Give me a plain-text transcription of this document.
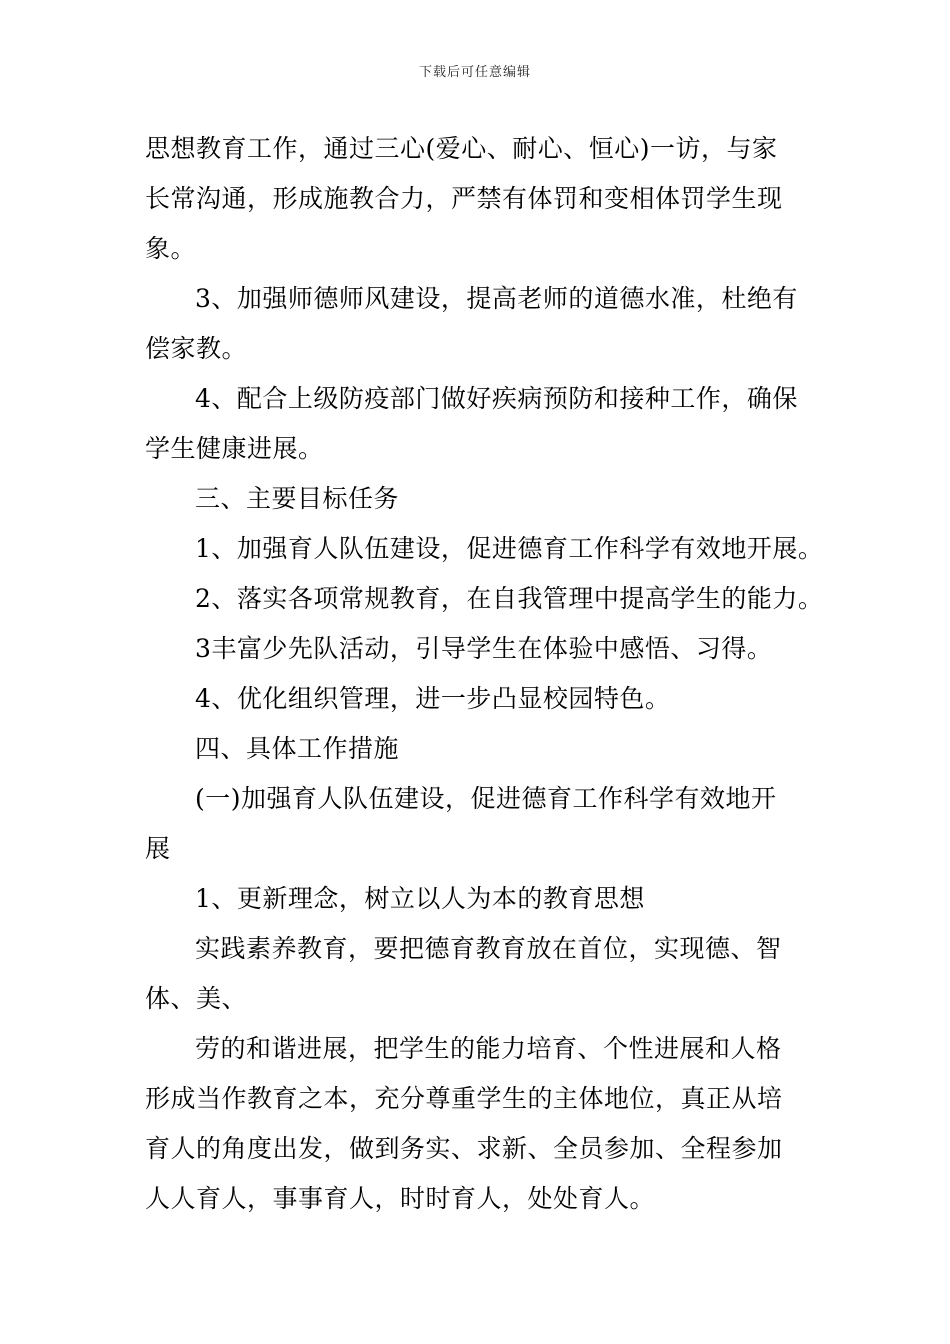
下载后可任意编辑
思想教育工作，通过三心(爱心、耐心、恒心)一访，与家
长常沟通，形成施教合力，严禁有体罚和变相体罚学生现
象。
3、加强师德师风建设，提高老师的道德水准，杜绝有
偿家教。
4、配合上级防疫部门做好疾病预防和接种工作，确保
学生健康进展。
三、主要目标任务
1、加强育人队伍建设，促进德育工作科学有效地开展。
2、落实各项常规教育，在自我管理中提高学生的能力。
3丰富少先队活动，引导学生在体验中感悟、习得。
4、优化组织管理，进一步凸显校园特色。
四、具体工作措施
(一)加强育人队伍建设，促进德育工作科学有效地开
展
1、更新理念，树立以人为本的教育思想
实践素养教育，要把德育教育放在首位，实现德、智
体、美、
劳的和谐进展，把学生的能力培育、个性进展和人格
形成当作教育之本，充分尊重学生的主体地位，真正从培
育人的角度出发，做到务实、求新、全员参加、全程参加
人人育人，事事育人，时时育人，处处育人。
